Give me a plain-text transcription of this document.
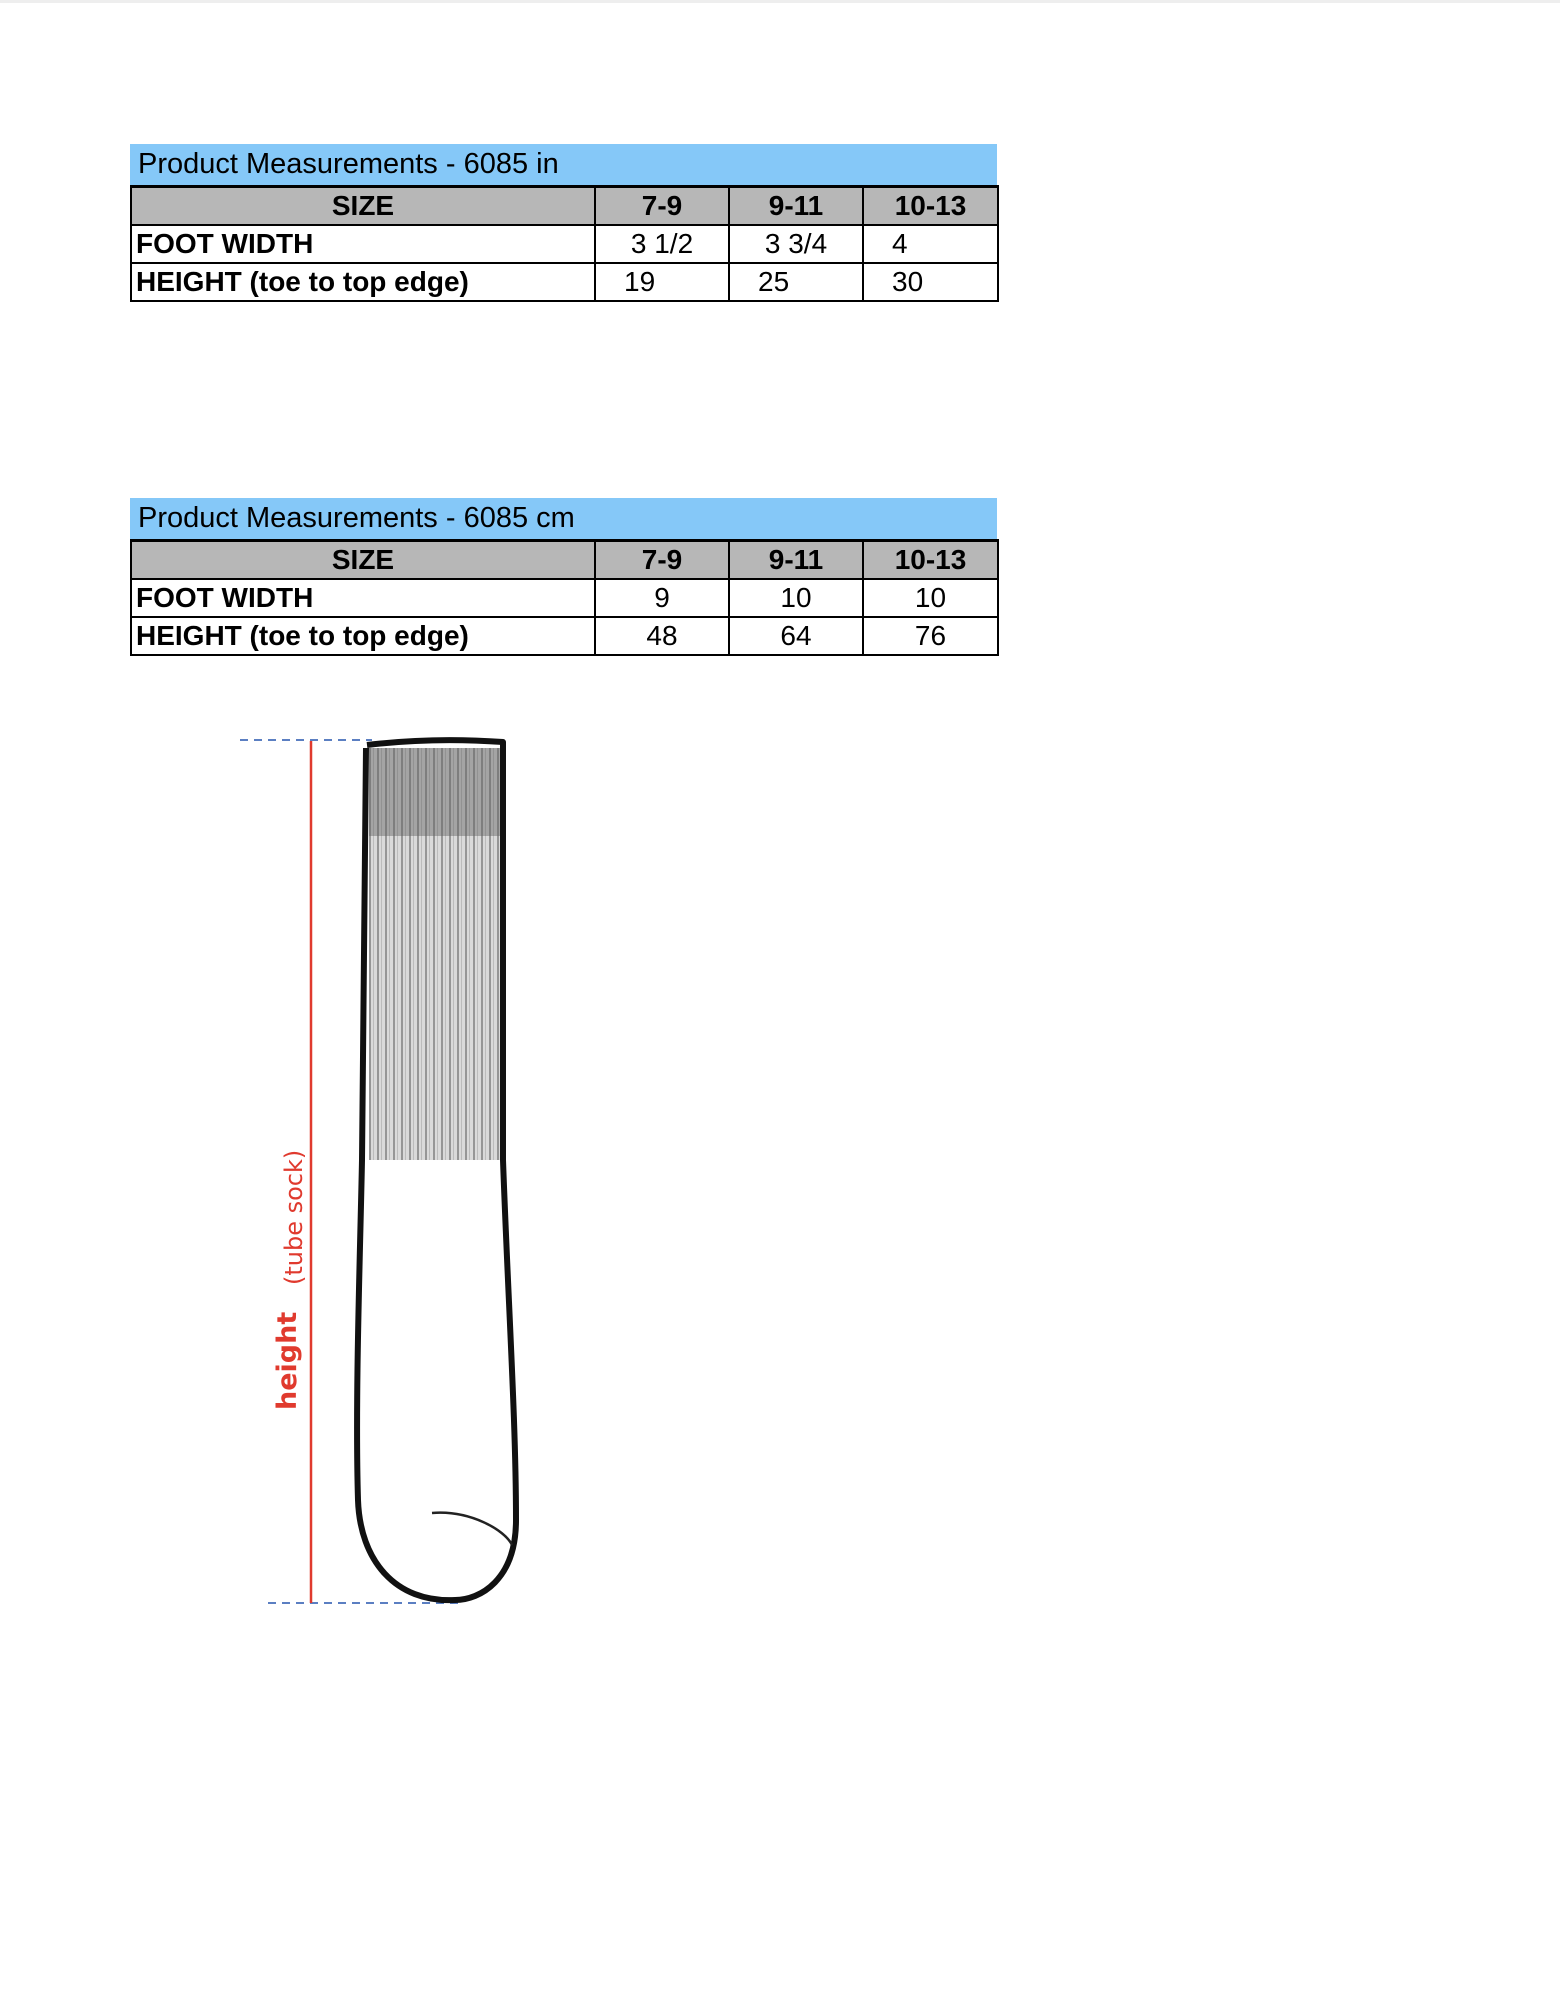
Product Measurements - 6085 in
SIZE	7-9	9-11	10-13
FOOT WIDTH	3 1/2	3 3/4	4
HEIGHT (toe to top edge)	19	25	30
Product Measurements - 6085 cm
SIZE	7-9	9-11	10-13
FOOT WIDTH	9	10	10
HEIGHT (toe to top edge)	48	64	76
height
(tube sock)
